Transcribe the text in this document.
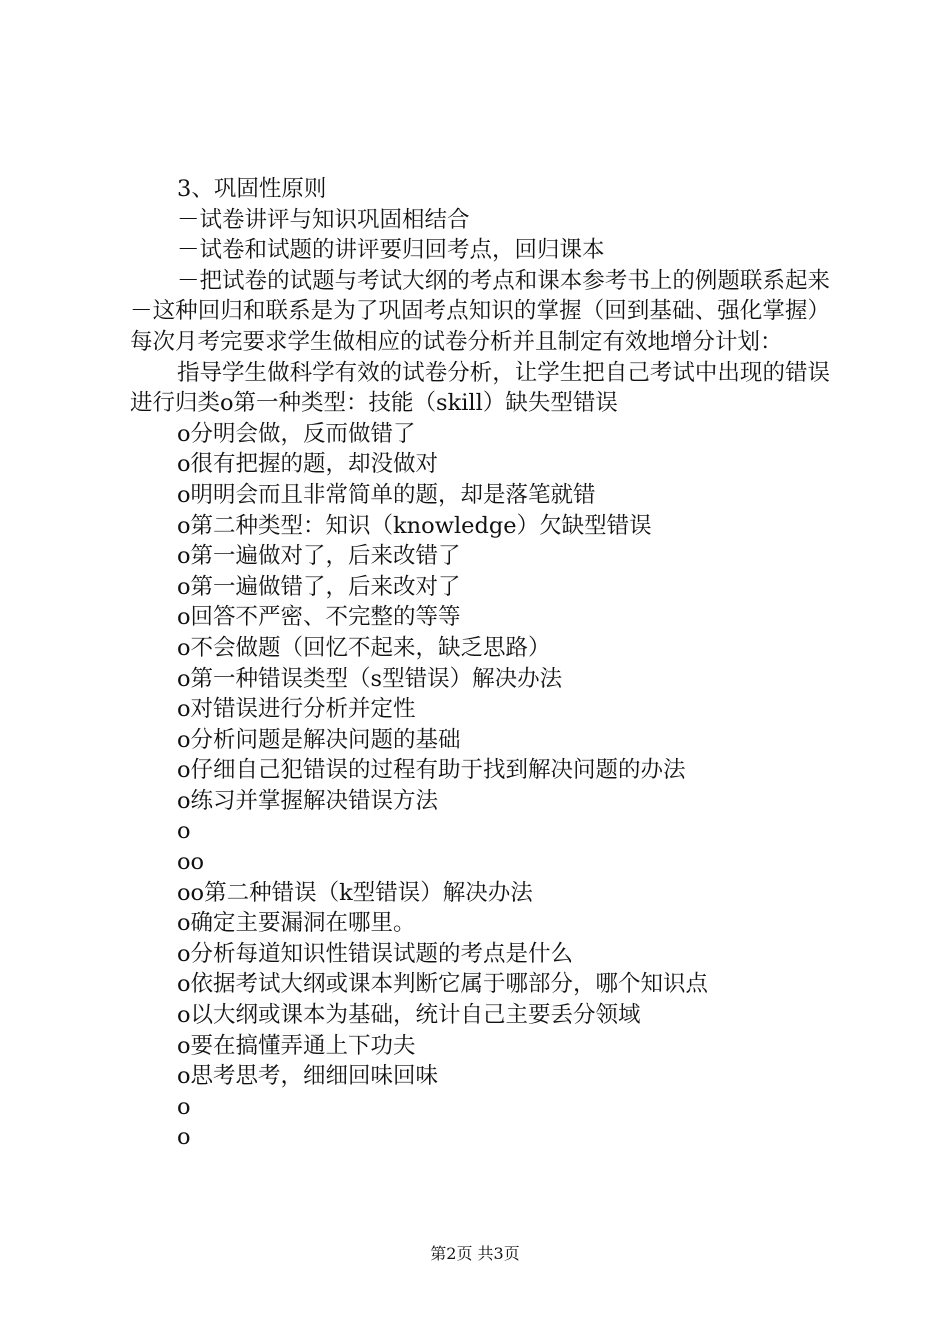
3、巩固性原则
－试卷讲评与知识巩固相结合
－试卷和试题的讲评要归回考点，回归课本
－把试卷的试题与考试大纲的考点和课本参考书上的例题联系起来－这种回归和联系是为了巩固考点知识的掌握（回到基础、强化掌握）每次月考完要求学生做相应的试卷分析并且制定有效地增分计划：
指导学生做科学有效的试卷分析，让学生把自己考试中出现的错误进行归类o第一种类型：技能（skill）缺失型错误
o分明会做，反而做错了
o很有把握的题，却没做对
o明明会而且非常简单的题，却是落笔就错
o第二种类型：知识（knowledge）欠缺型错误
o第一遍做对了，后来改错了
o第一遍做错了，后来改对了
o回答不严密、不完整的等等
o不会做题（回忆不起来，缺乏思路）
o第一种错误类型（s型错误）解决办法
o对错误进行分析并定性
o分析问题是解决问题的基础
o仔细自己犯错误的过程有助于找到解决问题的办法
o练习并掌握解决错误方法
o
oo
oo第二种错误（k型错误）解决办法
o确定主要漏洞在哪里。
o分析每道知识性错误试题的考点是什么
o依据考试大纲或课本判断它属于哪部分，哪个知识点
o以大纲或课本为基础，统计自己主要丢分领域
o要在搞懂弄通上下功夫
o思考思考，细细回味回味
o
o
第2页 共3页
